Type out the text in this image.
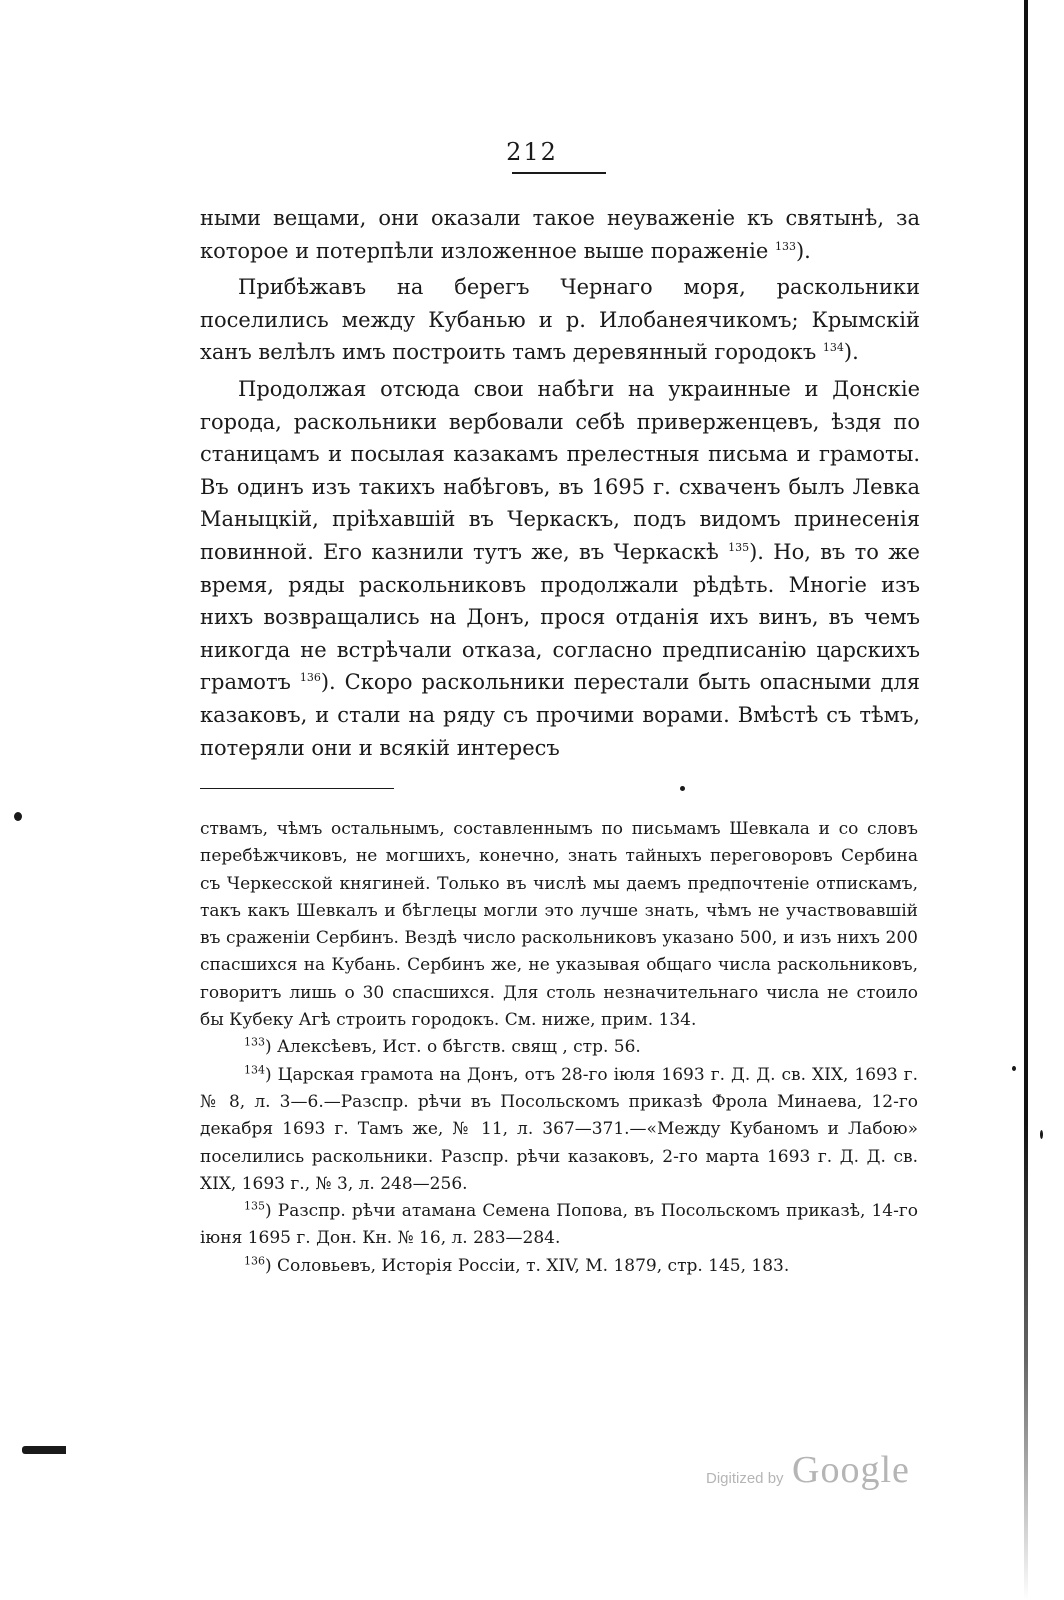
212

ными вещами, они оказали такое неуваженіе къ святынѣ, за которое и потерпѣли изложенное выше пораженіе $^{133}$).

Прибѣжавъ на берегъ Чернаго моря, раскольники поселились между Кубанью и р. Илобанеячикомъ; Крымскій ханъ велѣлъ имъ построить тамъ деревянный городокъ $^{134}$).

Продолжая отсюда свои набѣги на украинные и Донскіе города, раскольники вербовали себѣ приверженцевъ, ѣздя по станицамъ и посылая казакамъ прелестныя письма и грамоты. Въ одинъ изъ такихъ набѣговъ, въ 1695 г. схваченъ былъ Левка Маныцкій, пріѣхавшій въ Черкаскъ, подъ видомъ принесенія повинной. Его казнили тутъ же, въ Черкаскѣ $^{135}$). Но, въ то же время, ряды раскольниковъ продолжали рѣдѣть. Многіе изъ нихъ возвращались на Донъ, прося отданія ихъ винъ, въ чемъ никогда не встрѣчали отказа, согласно предписанію царскихъ грамотъ $^{136}$). Скоро раскольники перестали быть опасными для казаковъ, и стали на ряду съ прочими ворами. Вмѣстѣ съ тѣмъ, потеряли они и всякій интересъ

ствамъ, чѣмъ остальнымъ, составленнымъ по письмамъ Шевкала и со словъ перебѣжчиковъ, не могшихъ, конечно, знать тайныхъ переговоровъ Сербина съ Черкесской княгиней. Только въ числѣ мы даемъ предпочтеніе отпискамъ, такъ какъ Шевкалъ и бѣглецы могли это лучше знать, чѣмъ не участвовавшій въ сраженіи Сербинъ. Вездѣ число раскольниковъ указано 500, и изъ нихъ 200 спасшихся на Кубань. Сербинъ же, не указывая общаго числа раскольниковъ, говоритъ лишь о 30 спасшихся. Для столь незначительнаго числа не стоило бы Кубеку Агѣ строить городокъ. См. ниже, прим. 134.

$^{133}$) Алексѣевъ, Ист. о бѣгств. свящ , стр. 56.

$^{134}$) Царская грамота на Донъ, отъ 28-го іюля 1693 г. Д. Д. св. XIX, 1693 г. № 8, л. 3—6.—Разспр. рѣчи въ Посольскомъ приказѣ Фрола Минаева, 12-го декабря 1693 г. Тамъ же, № 11, л. 367—371.—«Между Кубаномъ и Лабою» поселились раскольники. Разспр. рѣчи казаковъ, 2-го марта 1693 г. Д. Д. св. XIX, 1693 г., № 3, л. 248—256.

$^{135}$) Разспр. рѣчи атамана Семена Попова, въ Посольскомъ приказѣ, 14-го іюня 1695 г. Дон. Кн. № 16, л. 283—284.

$^{136}$) Соловьевъ, Исторія Россіи, т. XIV, М. 1879, стр. 145, 183.

Digitized by Google
